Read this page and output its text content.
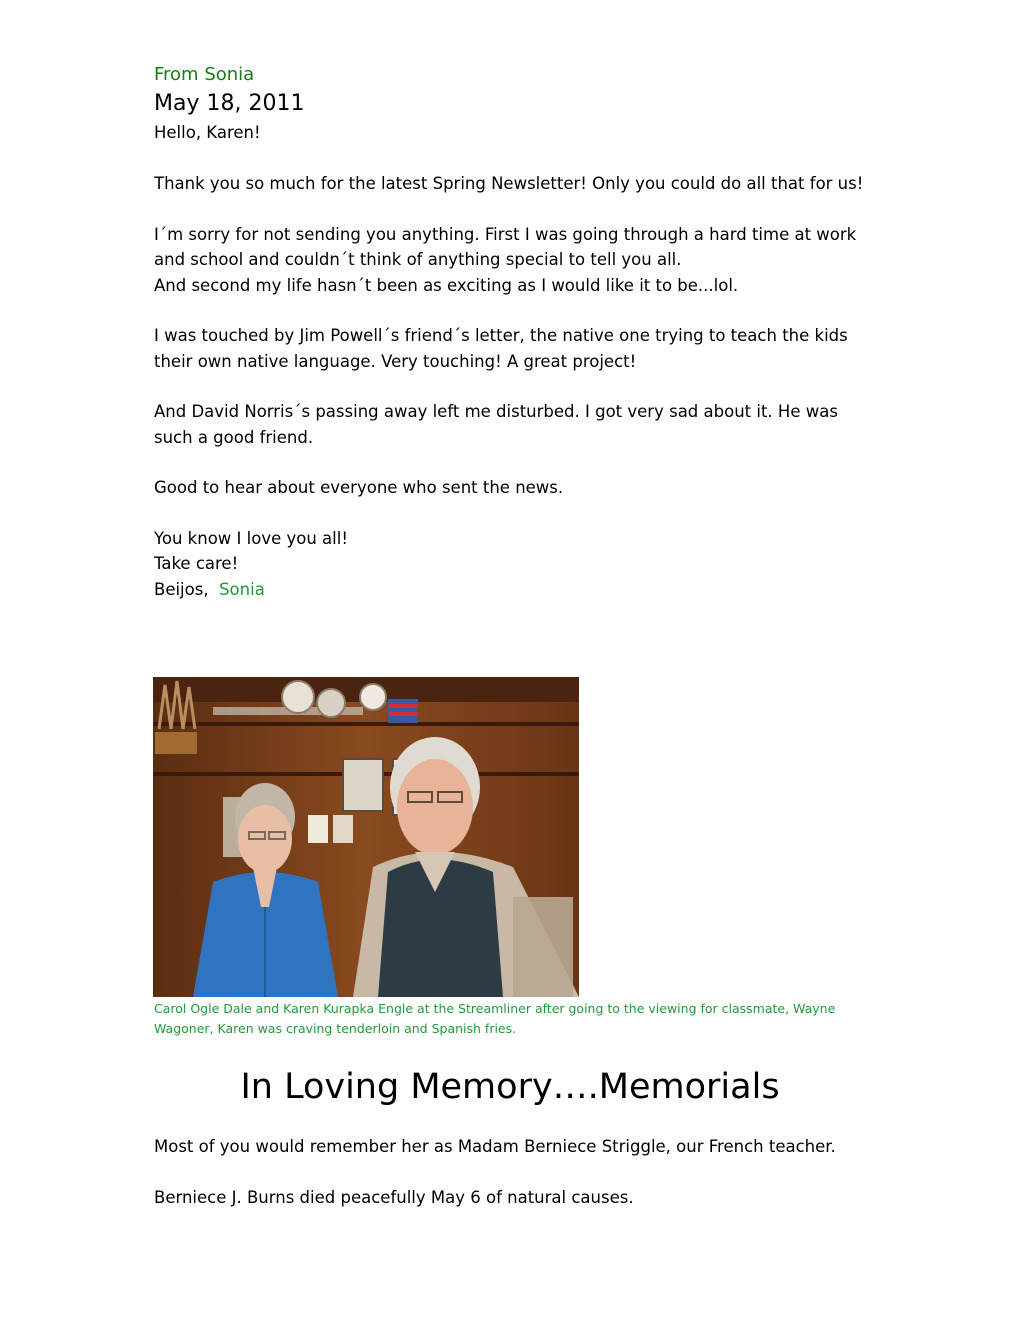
From Sonia

May 18, 2011

Hello, Karen!

Thank you so much for the latest Spring Newsletter! Only you could do all that for us!

I´m sorry for not sending you anything. First I was going through a hard time at work and school and couldn´t think of anything special to tell you all.

And second my life hasn´t been as exciting as I would like it to be...lol.

I was touched by Jim Powell´s friend´s letter, the native one trying to teach the kids their own native language. Very touching! A great project!

And David Norris´s passing away left me disturbed. I got very sad about it. He was such a good friend.

Good to hear about everyone who sent the news.

You know I love you all!

Take care!

Beijos, Sonia

Carol Ogle Dale and Karen Kurapka Engle at the Streamliner after going to the viewing for classmate, Wayne Wagoner, Karen was craving tenderloin and Spanish fries.

In Loving Memory….Memorials

Most of you would remember her as Madam Berniece Striggle, our French teacher.

Berniece J. Burns died peacefully May 6 of natural causes.
